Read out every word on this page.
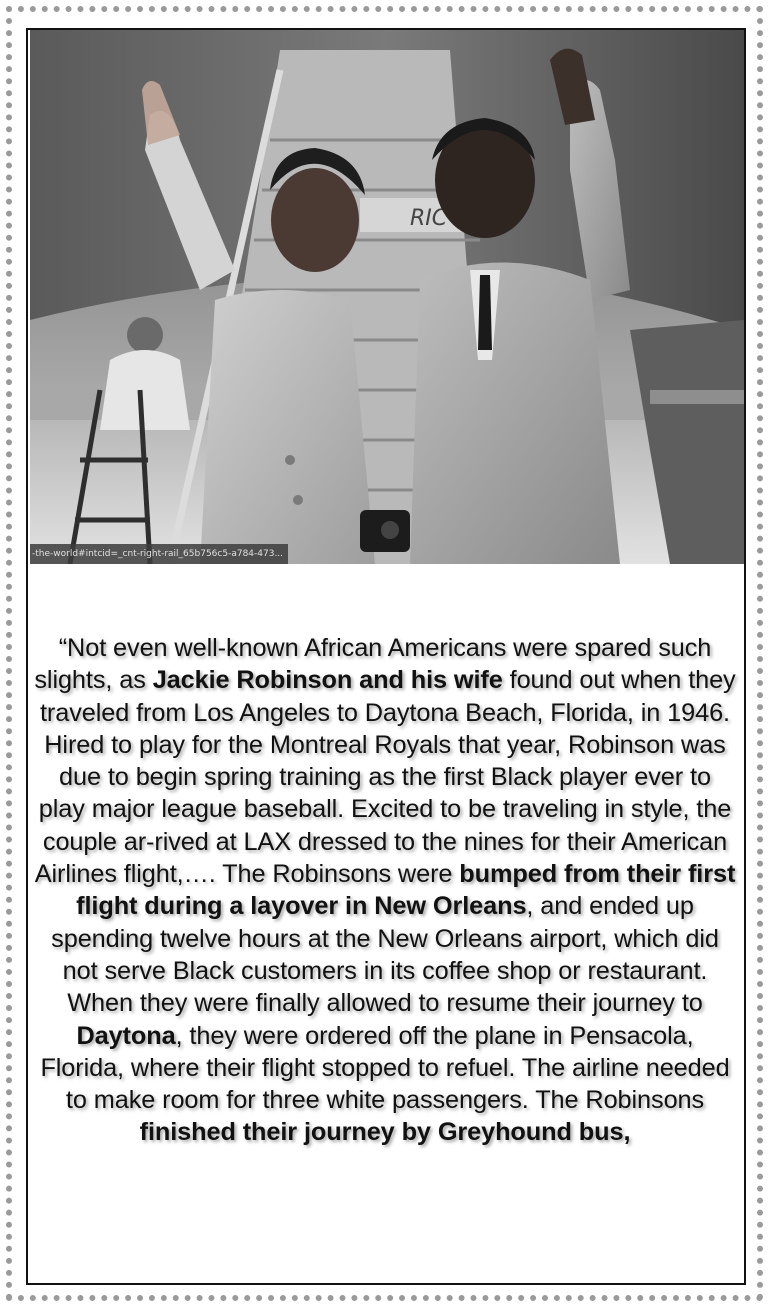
RIC
-the-world#intcid=_cnt-right-rail_65b756c5-a784-473...

“Not even well-known African Americans were spared such slights, as Jackie Robinson and his wife found out when they traveled from Los Angeles to Daytona Beach, Florida, in 1946. Hired to play for the Montreal Royals that year, Robinson was due to begin spring training as the first Black player ever to play major league baseball. Excited to be traveling in style, the couple ar-rived at LAX dressed to the nines for their American Airlines flight,…. The Robinsons were bumped from their first flight during a layover in New Orleans, and ended up spending twelve hours at the New Orleans airport, which did not serve Black customers in its coffee shop or restaurant. When they were finally allowed to resume their journey to Daytona, they were ordered off the plane in Pensacola, Florida, where their flight stopped to refuel. The airline needed to make room for three white passengers. The Robinsons finished their journey by Greyhound bus,
